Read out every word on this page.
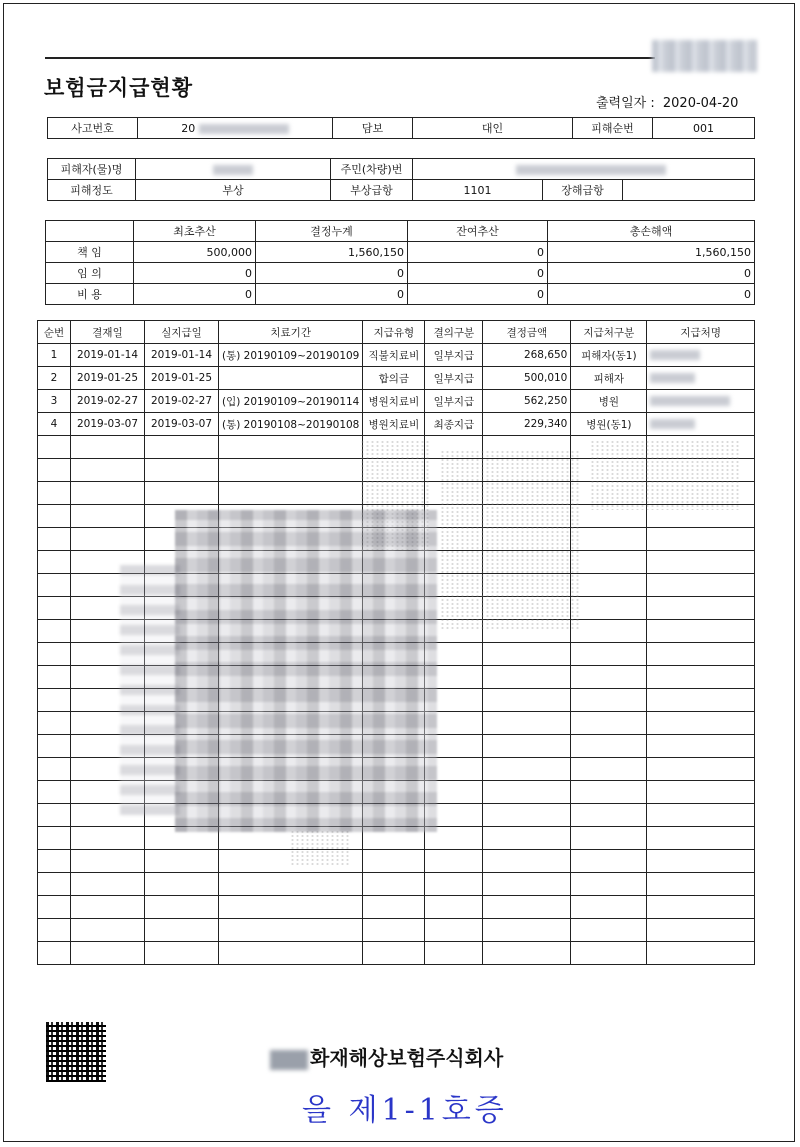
보험금지급현황
출력일자 : 2020-04-20
사고번호	20	담보	대인	피해순번	001
피해자(물)명		주민(차량)번			
피해정도	부상	부상급항	1101	장해급항	
	최초추산	결정누계	잔여추산	총손해액
책 임	500,000	1,560,150	0	1,560,150
임 의	0	0	0	0
비 용	0	0	0	0
순번	결재일	실지급일	치료기간	지급유형	결의구분	결정금액	지급처구분	지급처명
1	2019-01-14	2019-01-14	(통) 20190109~20190109	직불치료비	일부지급	268,650	피해자(동1)	
2	2019-01-25	2019-01-25		합의금	일부지급	500,010	피해자	
3	2019-02-27	2019-02-27	(입) 20190109~20190114	병원치료비	일부지급	562,250	병원	
4	2019-03-07	2019-03-07	(통) 20190108~20190108	병원치료비	최종지급	229,340	병원(동1)	

화재해상보험주식회사
을 제1-1호증
